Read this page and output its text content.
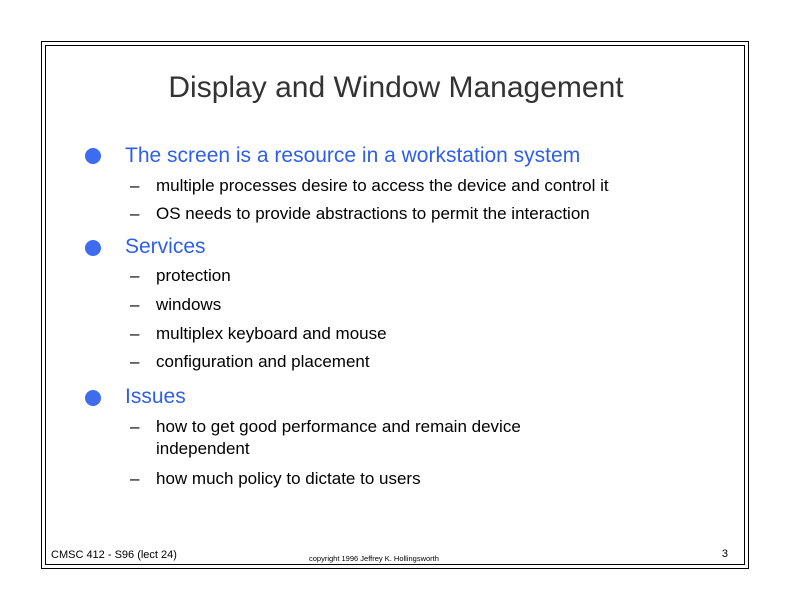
Display and Window Management
The screen is a resource in a workstation system
– multiple processes desire to access the device and control it
– OS needs to provide abstractions to permit the interaction
Services
– protection
– windows
– multiplex keyboard and mouse
– configuration and placement
Issues
– how to get good performance and remain device independent
– how much policy to dictate to users
CMSC 412 - S96 (lect 24)	copyright 1996 Jeffrey K. Hollingsworth	3
